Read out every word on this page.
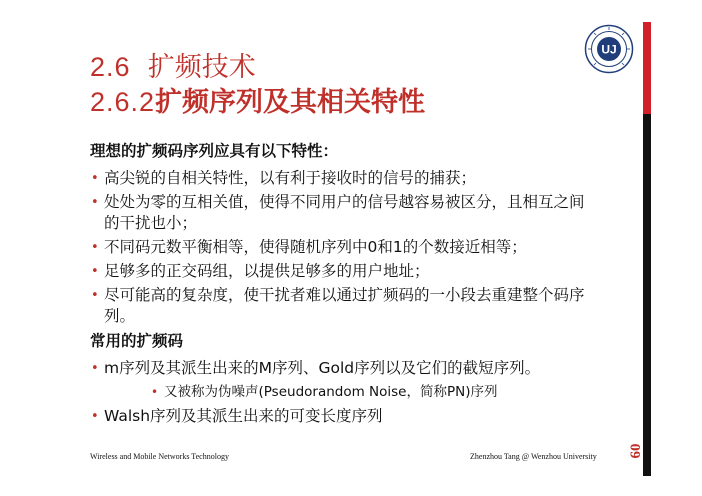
2.6 扩频技术
2.6.2扩频序列及其相关特性
UJ
理想的扩频码序列应具有以下特性：
• 高尖锐的自相关特性，以有利于接收时的信号的捕获；
• 处处为零的互相关值，使得不同用户的信号越容易被区分，且相互之间的干扰也小；
• 不同码元数平衡相等，使得随机序列中0和1的个数接近相等；
• 足够多的正交码组，以提供足够多的用户地址；
• 尽可能高的复杂度，使干扰者难以通过扩频码的一小段去重建整个码序列。
常用的扩频码
• m序列及其派生出来的M序列、Gold序列以及它们的截短序列。
• 又被称为伪噪声(Pseudorandom Noise，简称PN)序列
• Walsh序列及其派生出来的可变长度序列
Wireless and Mobile Networks Technology	Zhenzhou Tang @ Wenzhou University	60
